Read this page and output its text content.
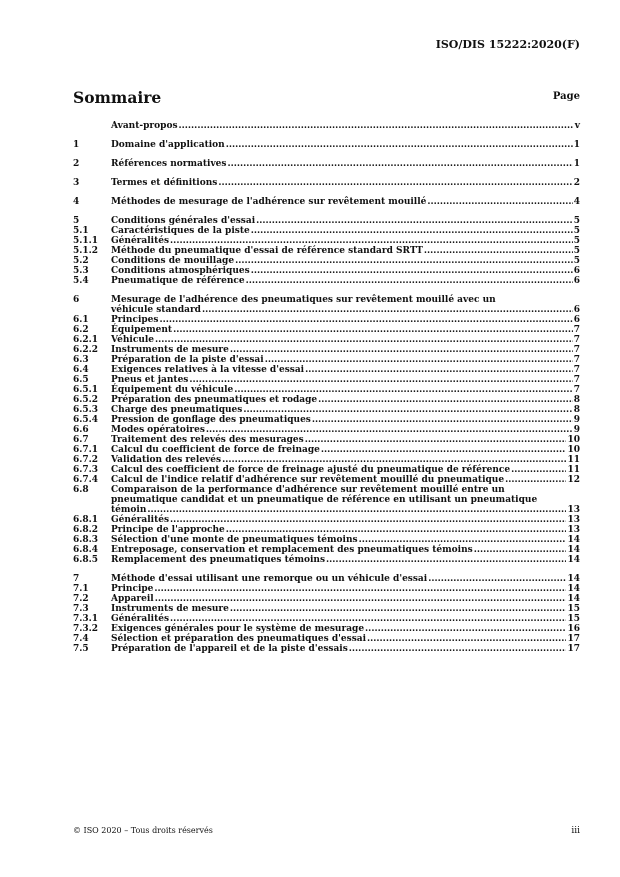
ISO/DIS 15222:2020(F)
Sommaire	Page
Avant-propos .....	v
1	Domaine d'application .....	1
2	Références normatives .....	1
3	Termes et définitions .....	2
4	Méthodes de mesurage de l'adhérence sur revêtement mouillé .....	4
5	Conditions générales d'essai .....	5
5.1	Caractéristiques de la piste .....	5
5.1.1	Généralités .....	5
5.1.2	Méthode du pneumatique d'essai de référence standard SRTT .....	5
5.2	Conditions de mouillage .....	5
5.3	Conditions atmosphériques .....	6
5.4	Pneumatique de référence .....	6
6	Mesurage de l'adhérence des pneumatiques sur revêtement mouillé avec un
véhicule standard .....	6
6.1	Principes .....	6
6.2	Équipement .....	7
6.2.1	Véhicule .....	7
6.2.2	Instruments de mesure .....	7
6.3	Préparation de la piste d'essai .....	7
6.4	Exigences relatives à la vitesse d'essai .....	7
6.5	Pneus et jantes .....	7
6.5.1	Équipement du véhicule .....	7
6.5.2	Préparation des pneumatiques et rodage .....	8
6.5.3	Charge des pneumatiques .....	8
6.5.4	Pression de gonflage des pneumatiques .....	9
6.6	Modes opératoires .....	9
6.7	Traitement des relevés des mesurages .....	10
6.7.1	Calcul du coefficient de force de freinage .....	10
6.7.2	Validation des relevés .....	11
6.7.3	Calcul des coefficient de force de freinage ajusté du pneumatique de référence .....	11
6.7.4	Calcul de l'indice relatif d'adhérence sur revêtement mouillé du pneumatique .....	12
6.8	Comparaison de la performance d'adhérence sur revêtement mouillé entre un
pneumatique candidat et un pneumatique de référence en utilisant un pneumatique
témoin .....	13
6.8.1	Généralités .....	13
6.8.2	Principe de l'approche .....	13
6.8.3	Sélection d'une monte de pneumatiques témoins .....	14
6.8.4	Entreposage, conservation et remplacement des pneumatiques témoins .....	14
6.8.5	Remplacement des pneumatiques témoins .....	14
7	Méthode d'essai utilisant une remorque ou un véhicule d'essai .....	14
7.1	Principe .....	14
7.2	Appareil .....	14
7.3	Instruments de mesure .....	15
7.3.1	Généralités .....	15
7.3.2	Exigences générales pour le système de mesurage .....	16
7.4	Sélection et préparation des pneumatiques d'essai .....	17
7.5	Préparation de l'appareil et de la piste d'essais .....	17
© ISO 2020 – Tous droits réservés	iii
